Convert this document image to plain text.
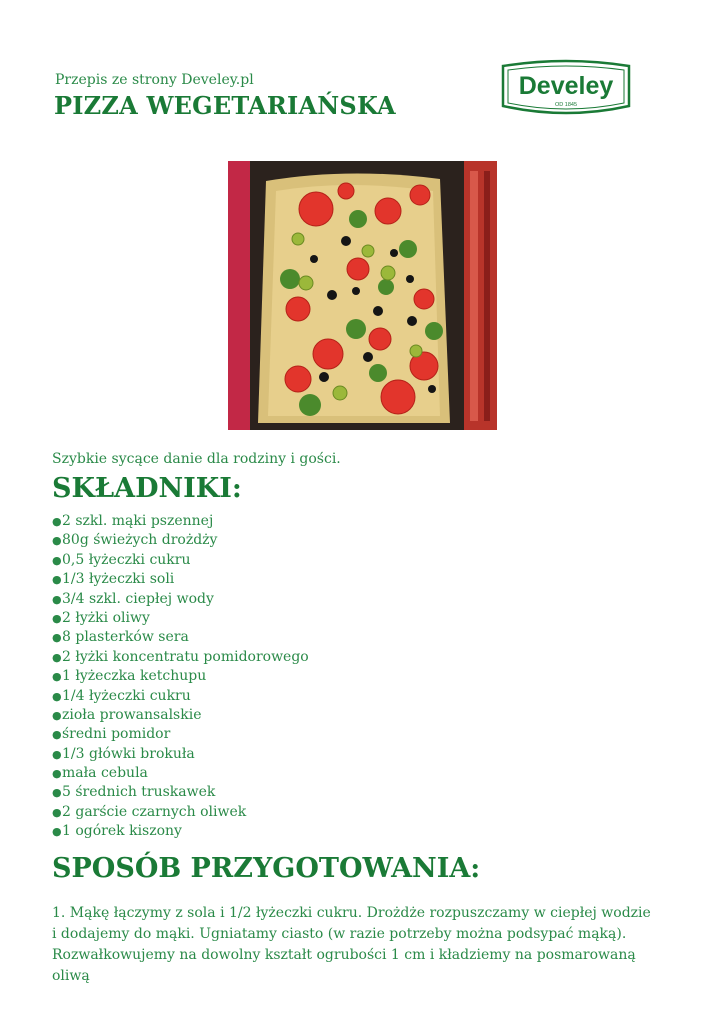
Przepis ze strony Develey.pl
PIZZA WEGETARIAŃSKA
Develey
OD 1845
Szybkie sycące danie dla rodziny i gości.
SKŁADNIKI:
●2 szkl. mąki pszennej
●80g świeżych drożdży
●0,5 łyżeczki cukru
●1/3 łyżeczki soli
●3/4 szkl. ciepłej wody
●2 łyżki oliwy
●8 plasterków sera
●2 łyżki koncentratu pomidorowego
●1 łyżeczka ketchupu
●1/4 łyżeczki cukru
●zioła prowansalskie
●średni pomidor
●1/3 główki brokuła
●mała cebula
●5 średnich truskawek
●2 garście czarnych oliwek
●1 ogórek kiszony
SPOSÓB PRZYGOTOWANIA:

1. Mąkę łączymy z sola i 1/2 łyżeczki cukru. Drożdże rozpuszczamy w ciepłej wodzie i dodajemy do mąki. Ugniatamy ciasto (w razie potrzeby można podsypać mąką). Rozwałkowujemy na dowolny kształt ogrubości 1 cm i kładziemy na posmarowaną oliwą
